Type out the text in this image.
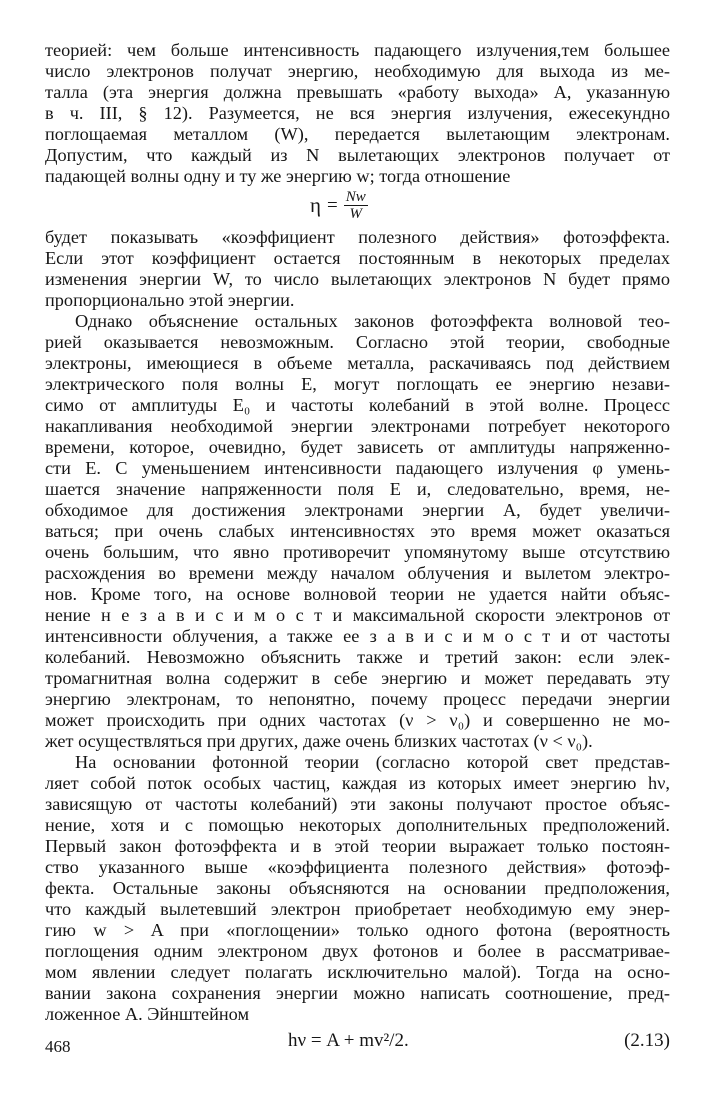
теорией: чем больше интенсивность падающего излучения,тем большее
число электронов получат энергию, необходимую для выхода из ме-
талла (эта энергия должна превышать «работу выхода» A, указанную
в ч. III, § 12). Разумеется, не вся энергия излучения, ежесекундно
поглощаемая металлом (W), передается вылетающим электронам.
Допустим, что каждый из N вылетающих электронов получает от
падающей волны одну и ту же энергию w; тогда отношение
$\eta = \frac{Nw}{W}$
будет показывать «коэффициент полезного действия» фотоэффекта.
Если этот коэффициент остается постоянным в некоторых пределах
изменения энергии W, то число вылетающих электронов N будет прямо
пропорционально этой энергии.
Однако объяснение остальных законов фотоэффекта волновой тео-
рией оказывается невозможным. Согласно этой теории, свободные
электроны, имеющиеся в объеме металла, раскачиваясь под действием
электрического поля волны E, могут поглощать ее энергию незави-
симо от амплитуды E₀ и частоты колебаний в этой волне. Процесс
накапливания необходимой энергии электронами потребует некоторого
времени, которое, очевидно, будет зависеть от амплитуды напряженно-
сти E. С уменьшением интенсивности падающего излучения φ умень-
шается значение напряженности поля E и, следовательно, время, не-
обходимое для достижения электронами энергии A, будет увеличи-
ваться; при очень слабых интенсивностях это время может оказаться
очень большим, что явно противоречит упомянутому выше отсутствию
расхождения во времени между началом облучения и вылетом электро-
нов. Кроме того, на основе волновой теории не удается найти объяс-
нение н е з а в и с и м о с т и максимальной скорости электронов от
интенсивности облучения, а также ее з а в и с и м о с т и от частоты
колебаний. Невозможно объяснить также и третий закон: если элек-
тромагнитная волна содержит в себе энергию и может передавать эту
энергию электронам, то непонятно, почему процесс передачи энергии
может происходить при одних частотах (ν > ν₀) и совершенно не мо-
жет осуществляться при других, даже очень близких частотах (ν < ν₀).
На основании фотонной теории (согласно которой свет представ-
ляет собой поток особых частиц, каждая из которых имеет энергию hν,
зависящую от частоты колебаний) эти законы получают простое объяс-
нение, хотя и с помощью некоторых дополнительных предположений.
Первый закон фотоэффекта и в этой теории выражает только постоян-
ство указанного выше «коэффициента полезного действия» фотоэф-
фекта. Остальные законы объясняются на основании предположения,
что каждый вылетевший электрон приобретает необходимую ему энер-
гию w > A при «поглощении» только одного фотона (вероятность
поглощения одним электроном двух фотонов и более в рассматривае-
мом явлении следует полагать исключительно малой). Тогда на осно-
вании закона сохранения энергии можно написать соотношение, пред-
ложенное А. Эйнштейном
hν = A + mv²/2.	(2.13)
468
